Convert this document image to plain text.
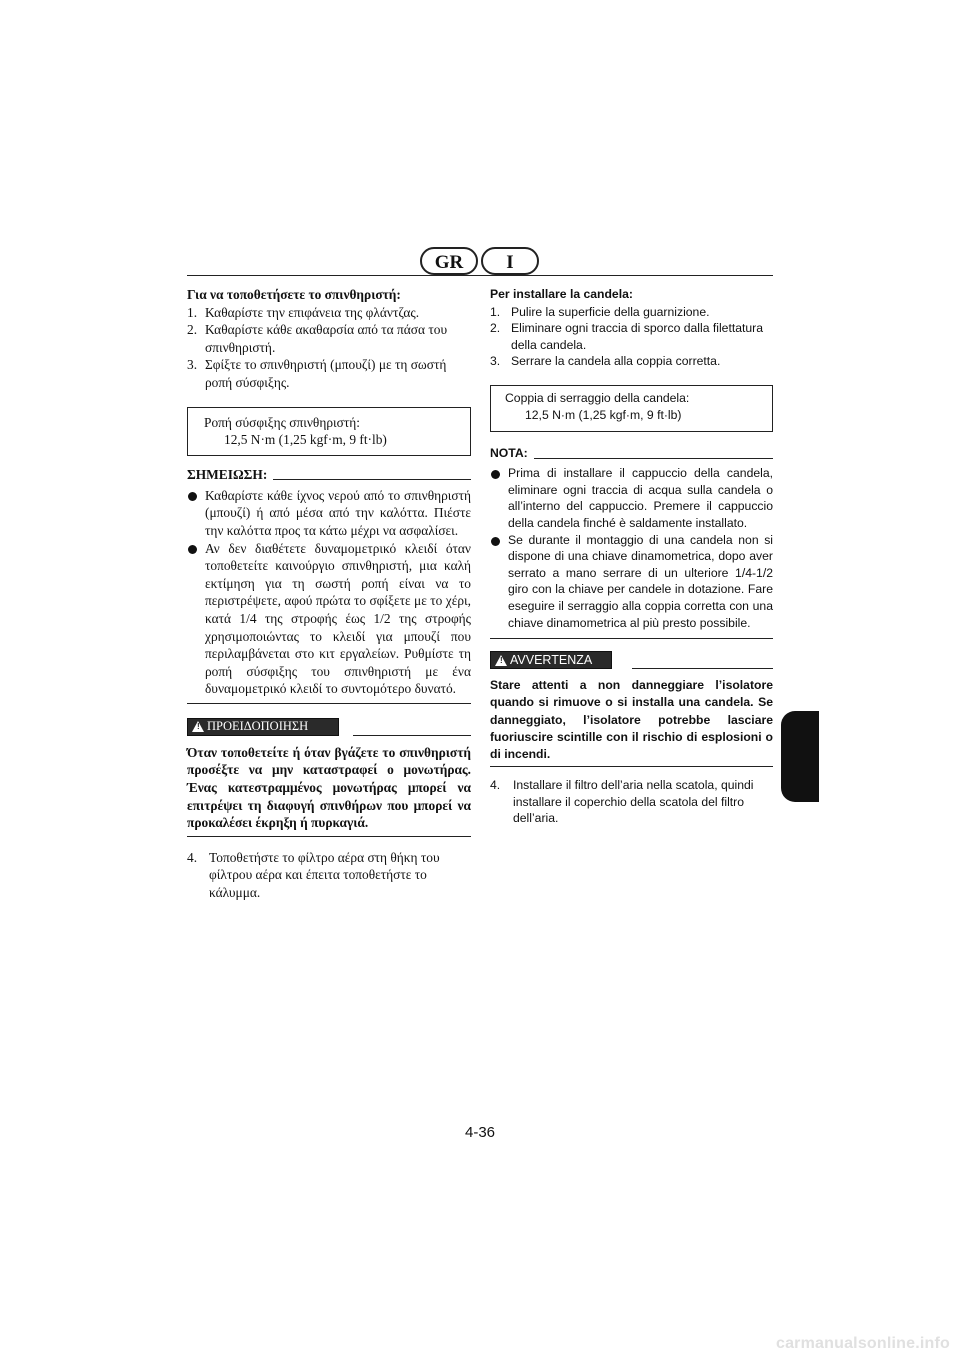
GR	I

Για να τοποθετήσετε το σπινθηριστή:

1. Καθαρίστε την επιφάνεια της φλάντζας.
2. Καθαρίστε κάθε ακαθαρσία από τα πάσα του σπινθηριστή.
3. Σφίξτε το σπινθηριστή (μπουζί) με τη σωστή ροπή σύσφιξης.
Ροπή σύσφιξης σπινθηριστή:
12,5 N·m (1,25 kgf·m, 9 ft·lb)
ΣΗΜΕΙΩΣΗ:
Καθαρίστε κάθε ίχνος νερού από το σπινθηριστή (μπουζί) ή από μέσα από την καλόττα. Πιέστε την καλόττα προς τα κάτω μέχρι να ασφαλίσει.
Αν δεν διαθέτετε δυναμομετρικό κλειδί όταν τοποθετείτε καινούργιο σπινθηριστή, μια καλή εκτίμηση για τη σωστή ροπή είναι να το περιστρέψετε, αφού πρώτα το σφίξετε με το χέρι, κατά 1/4 της στροφής έως 1/2 της στροφής χρησιμοποιώντας το κλειδί για μπουζί που περιλαμβάνεται στο κιτ εργαλείων. Ρυθμίστε τη ροπή σύσφιξης του σπινθηριστή με ένα δυναμομετρικό κλειδί το συντομότερο δυνατό.
! ΠΡΟΕΙΔΟΠΟΙΗΣΗ

Όταν τοποθετείτε ή όταν βγάζετε το σπινθηριστή προσέξτε να μην καταστραφεί ο μονωτήρας. Ένας κατεστραμμένος μονωτήρας μπορεί να επιτρέψει τη διαφυγή σπινθήρων που μπορεί να προκαλέσει έκρηξη ή πυρκαγιά.

4. Τοποθετήστε το φίλτρο αέρα στη θήκη του φίλτρου αέρα και έπειτα τοποθετήστε το κάλυμμα.

Per installare la candela:

1. Pulire la superficie della guarnizione.
2. Eliminare ogni traccia di sporco dalla filettatura della candela.
3. Serrare la candela alla coppia corretta.
Coppia di serraggio della candela:
12,5 N·m (1,25 kgf·m, 9 ft·lb)
NOTA:
Prima di installare il cappuccio della candela, eliminare ogni traccia di acqua sulla candela o all’interno del cappuccio. Premere il cappuccio della candela finché è saldamente installato.
Se durante il montaggio di una candela non si dispone di una chiave dinamometrica, dopo aver serrato a mano serrare di un ulteriore 1/4-1/2 giro con la chiave per candele in dotazione. Fare eseguire il serraggio alla coppia corretta con una chiave dinamometrica al più presto possibile.
! AVVERTENZA

Stare attenti a non danneggiare l’isolatore quando si rimuove o si installa una candela. Se danneggiato, l’isolatore potrebbe lasciare fuoriuscire scintille con il rischio di esplosioni o di incendi.

4. Installare il filtro dell’aria nella scatola, quindi installare il coperchio della scatola del filtro dell’aria.
4-36
carmanualsonline.info
